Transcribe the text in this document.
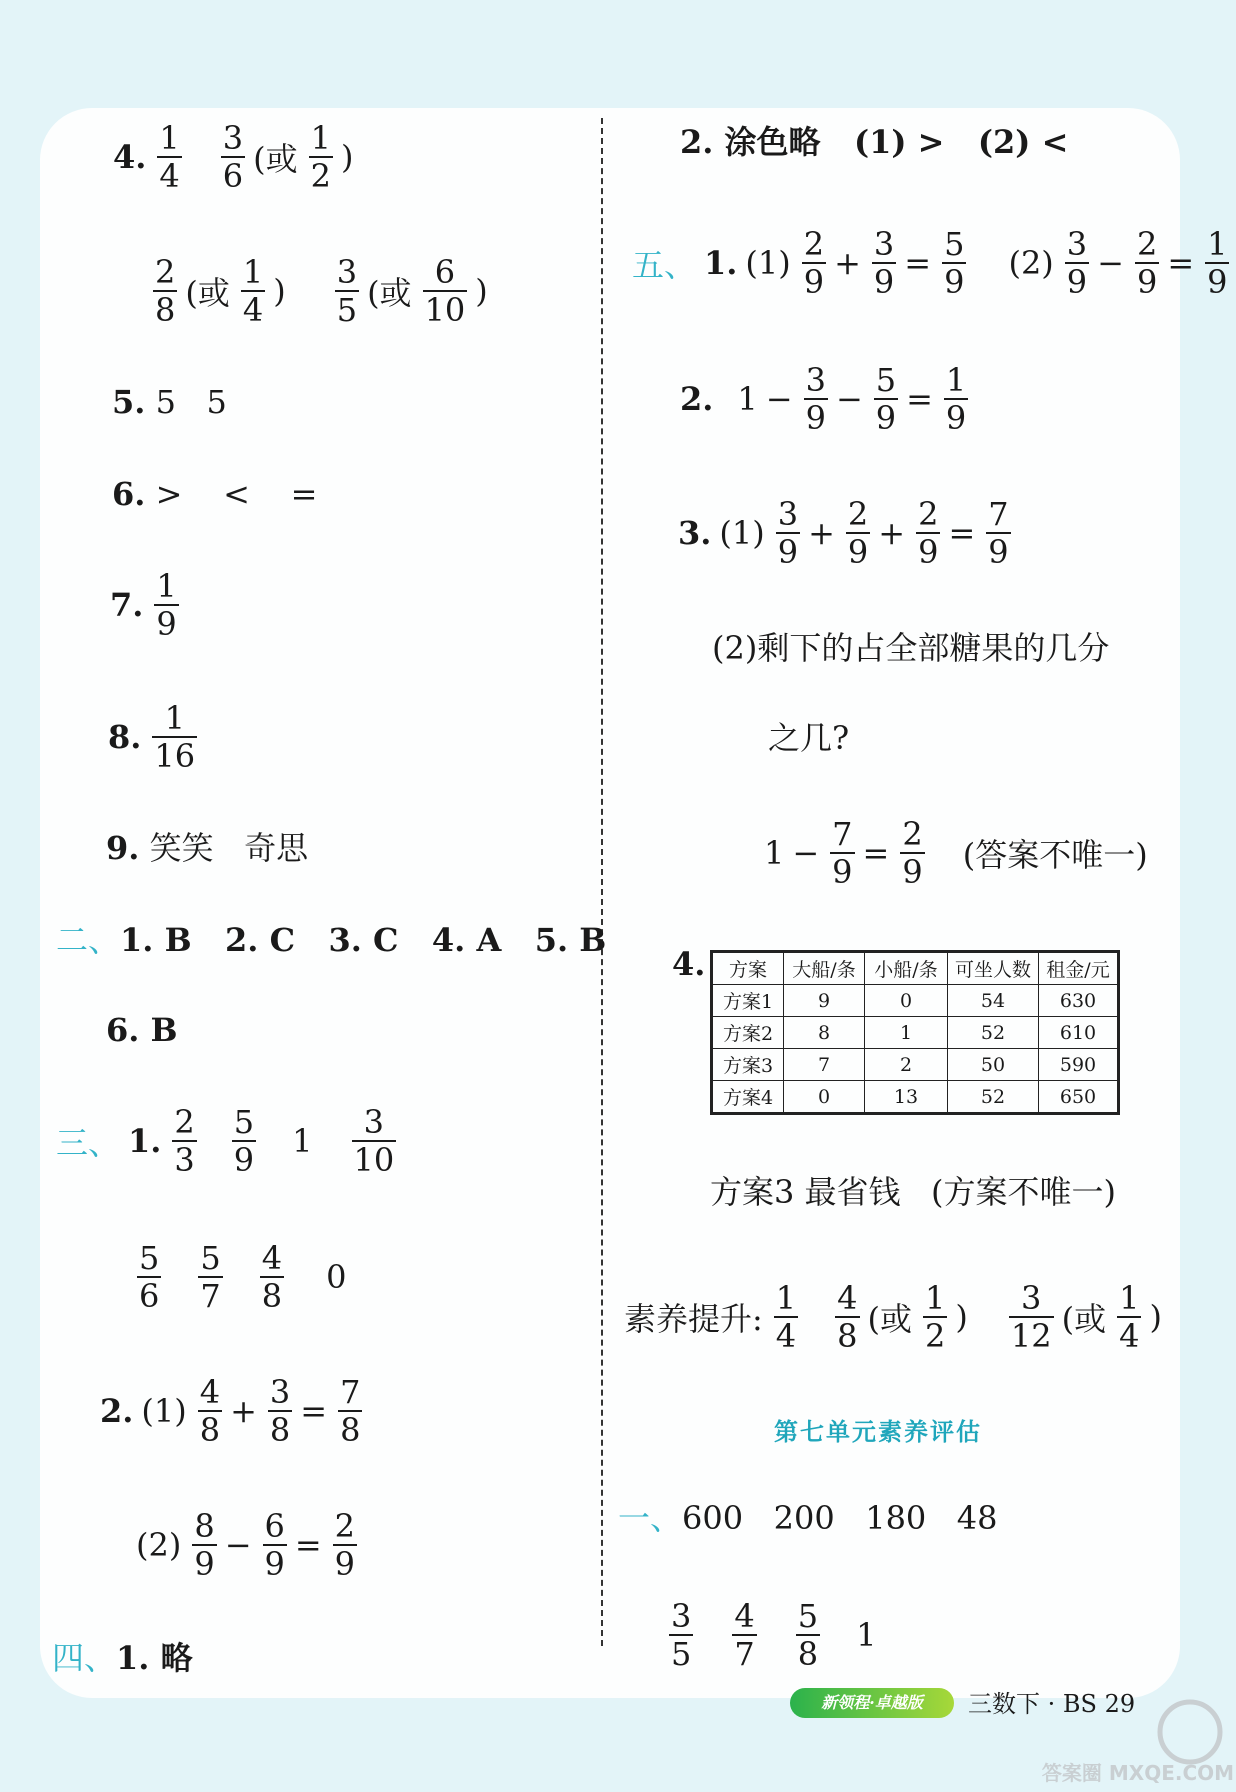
4. $\frac{1}{4} \frac{3}{6}$ (或 $\frac{1}{2}$ )
$\frac{2}{8}$ (或 $\frac{1}{4}$ ) $\frac{3}{5}$ (或 $\frac{6}{10}$ )
5. 5   5
6. >    <    =
7. $\frac{1}{9}$
8. $\frac{1}{16}$
9. 笑笑   奇思
二、1. B   2. C   3. C   4. A   5. B
6. B
三、 1. $\frac{2}{3} \frac{5}{9} 1 \frac{3}{10}$
$\frac{5}{6} \frac{5}{7} \frac{4}{8} 0$
2. $(1) \frac{4}{8} + \frac{3}{8} = \frac{7}{8}$
$(2) \frac{8}{9} - \frac{6}{9} = \frac{2}{9}$
四、1. 略
2. 涂色略   (1) >   (2) <
五、 1. $(1) \frac{2}{9} + \frac{3}{9} = \frac{5}{9} (2) \frac{3}{9} - \frac{2}{9} = \frac{1}{9}$
2. $1 - \frac{3}{9} - \frac{5}{9} = \frac{1}{9}$
3. $(1) \frac{3}{9} + \frac{2}{9} + \frac{2}{9} = \frac{7}{9}$
(2)剩下的占全部糖果的几分
之几?
$1 - \frac{7}{9} = \frac{2}{9}$ (答案不唯一)
4. 方案	大船/条	小船/条	可坐人数	租金/元
方案1	9	0	54	630
方案2	8	1	52	610
方案3	7	2	50	590
方案4	0	13	52	650
方案3 最省钱   (方案不唯一)
素养提升: $\frac{1}{4} \frac{4}{8}$ (或 $\frac{1}{2}$ ) $\frac{3}{12}$ (或 $\frac{1}{4}$ )
第七单元素养评估
一、600   200   180   48
$\frac{3}{5} \frac{4}{7} \frac{5}{8} 1$
新领程·卓越版	三数下 · BS 29
答案圈 MXQE.COM
